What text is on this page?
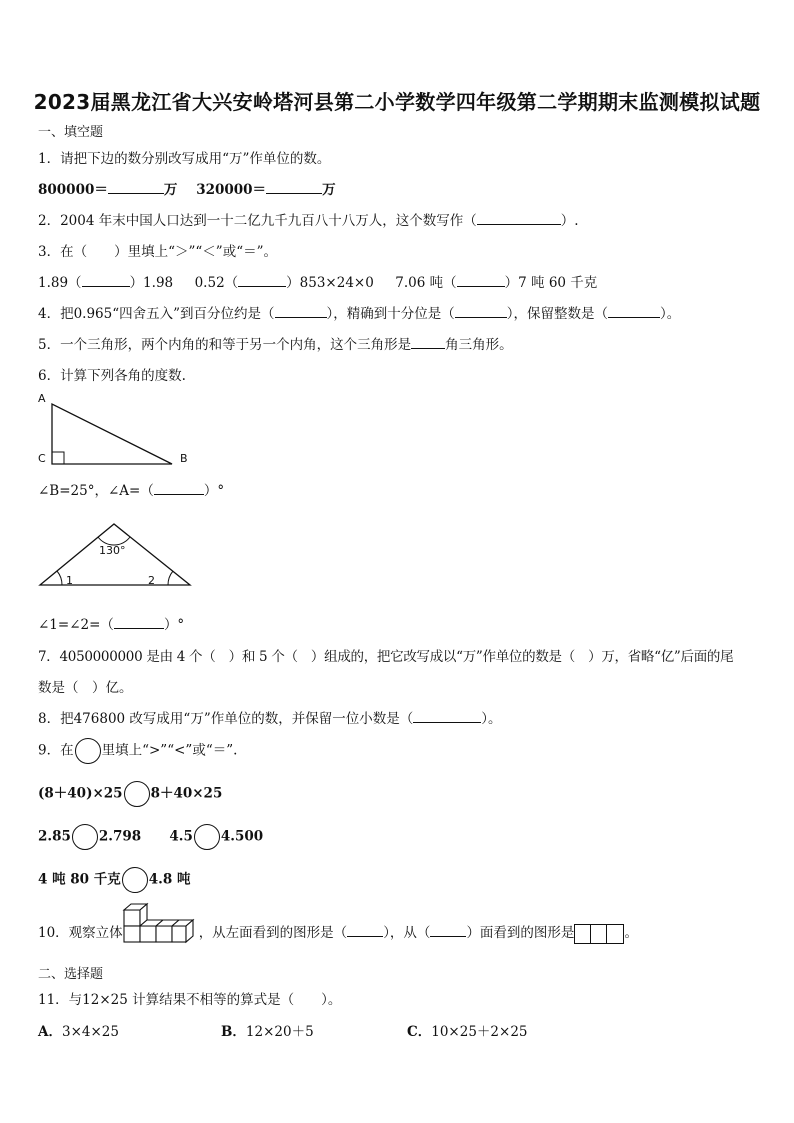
2023届黑龙江省大兴安岭塔河县第二小学数学四年级第二学期期末监测模拟试题
一、填空题
1．请把下边的数分别改写成用“万”作单位的数。
800000＝	万 320000＝	万
2．2004 年末中国人口达到一十二亿九千九百八十八万人，这个数写作（	）.
3．在（　　）里填上“＞”“＜”或“＝”。
1.89（	）1.98 0.52（	）853×24×0 7.06 吨（	）7 吨 60 千克
4．把0.965“四舍五入”到百分位约是（	），精确到十分位是（	），保留整数是（	）。
5．一个三角形，两个内角的和等于另一个内角，这个三角形是	角三角形。
6．计算下列各角的度数.
A
C	B
130°
1	2
∠B=25°，∠A=（	）°
∠1=∠2=（	）°
7．4050000000 是由 4 个（　）和 5 个（　）组成的，把它改写成以“万”作单位的数是（　）万，省略“亿”后面的尾
数是（　）亿。
8．把476800 改写成用“万”作单位的数，并保留一位小数是（	）。
9．在 里填上“>”“<”或“＝”.
(8＋40)×25 8＋40×25
2.85 2.798 4.5 4.500
4 吨 80 千克 4.8 吨
10．观察立体	，从左面看到的图形是（	），从（	）面看到的图形是	。
二、选择题
11．与12×25 计算结果不相等的算式是（　　）。
A．3×4×25	B．12×20＋5	C．10×25＋2×25
